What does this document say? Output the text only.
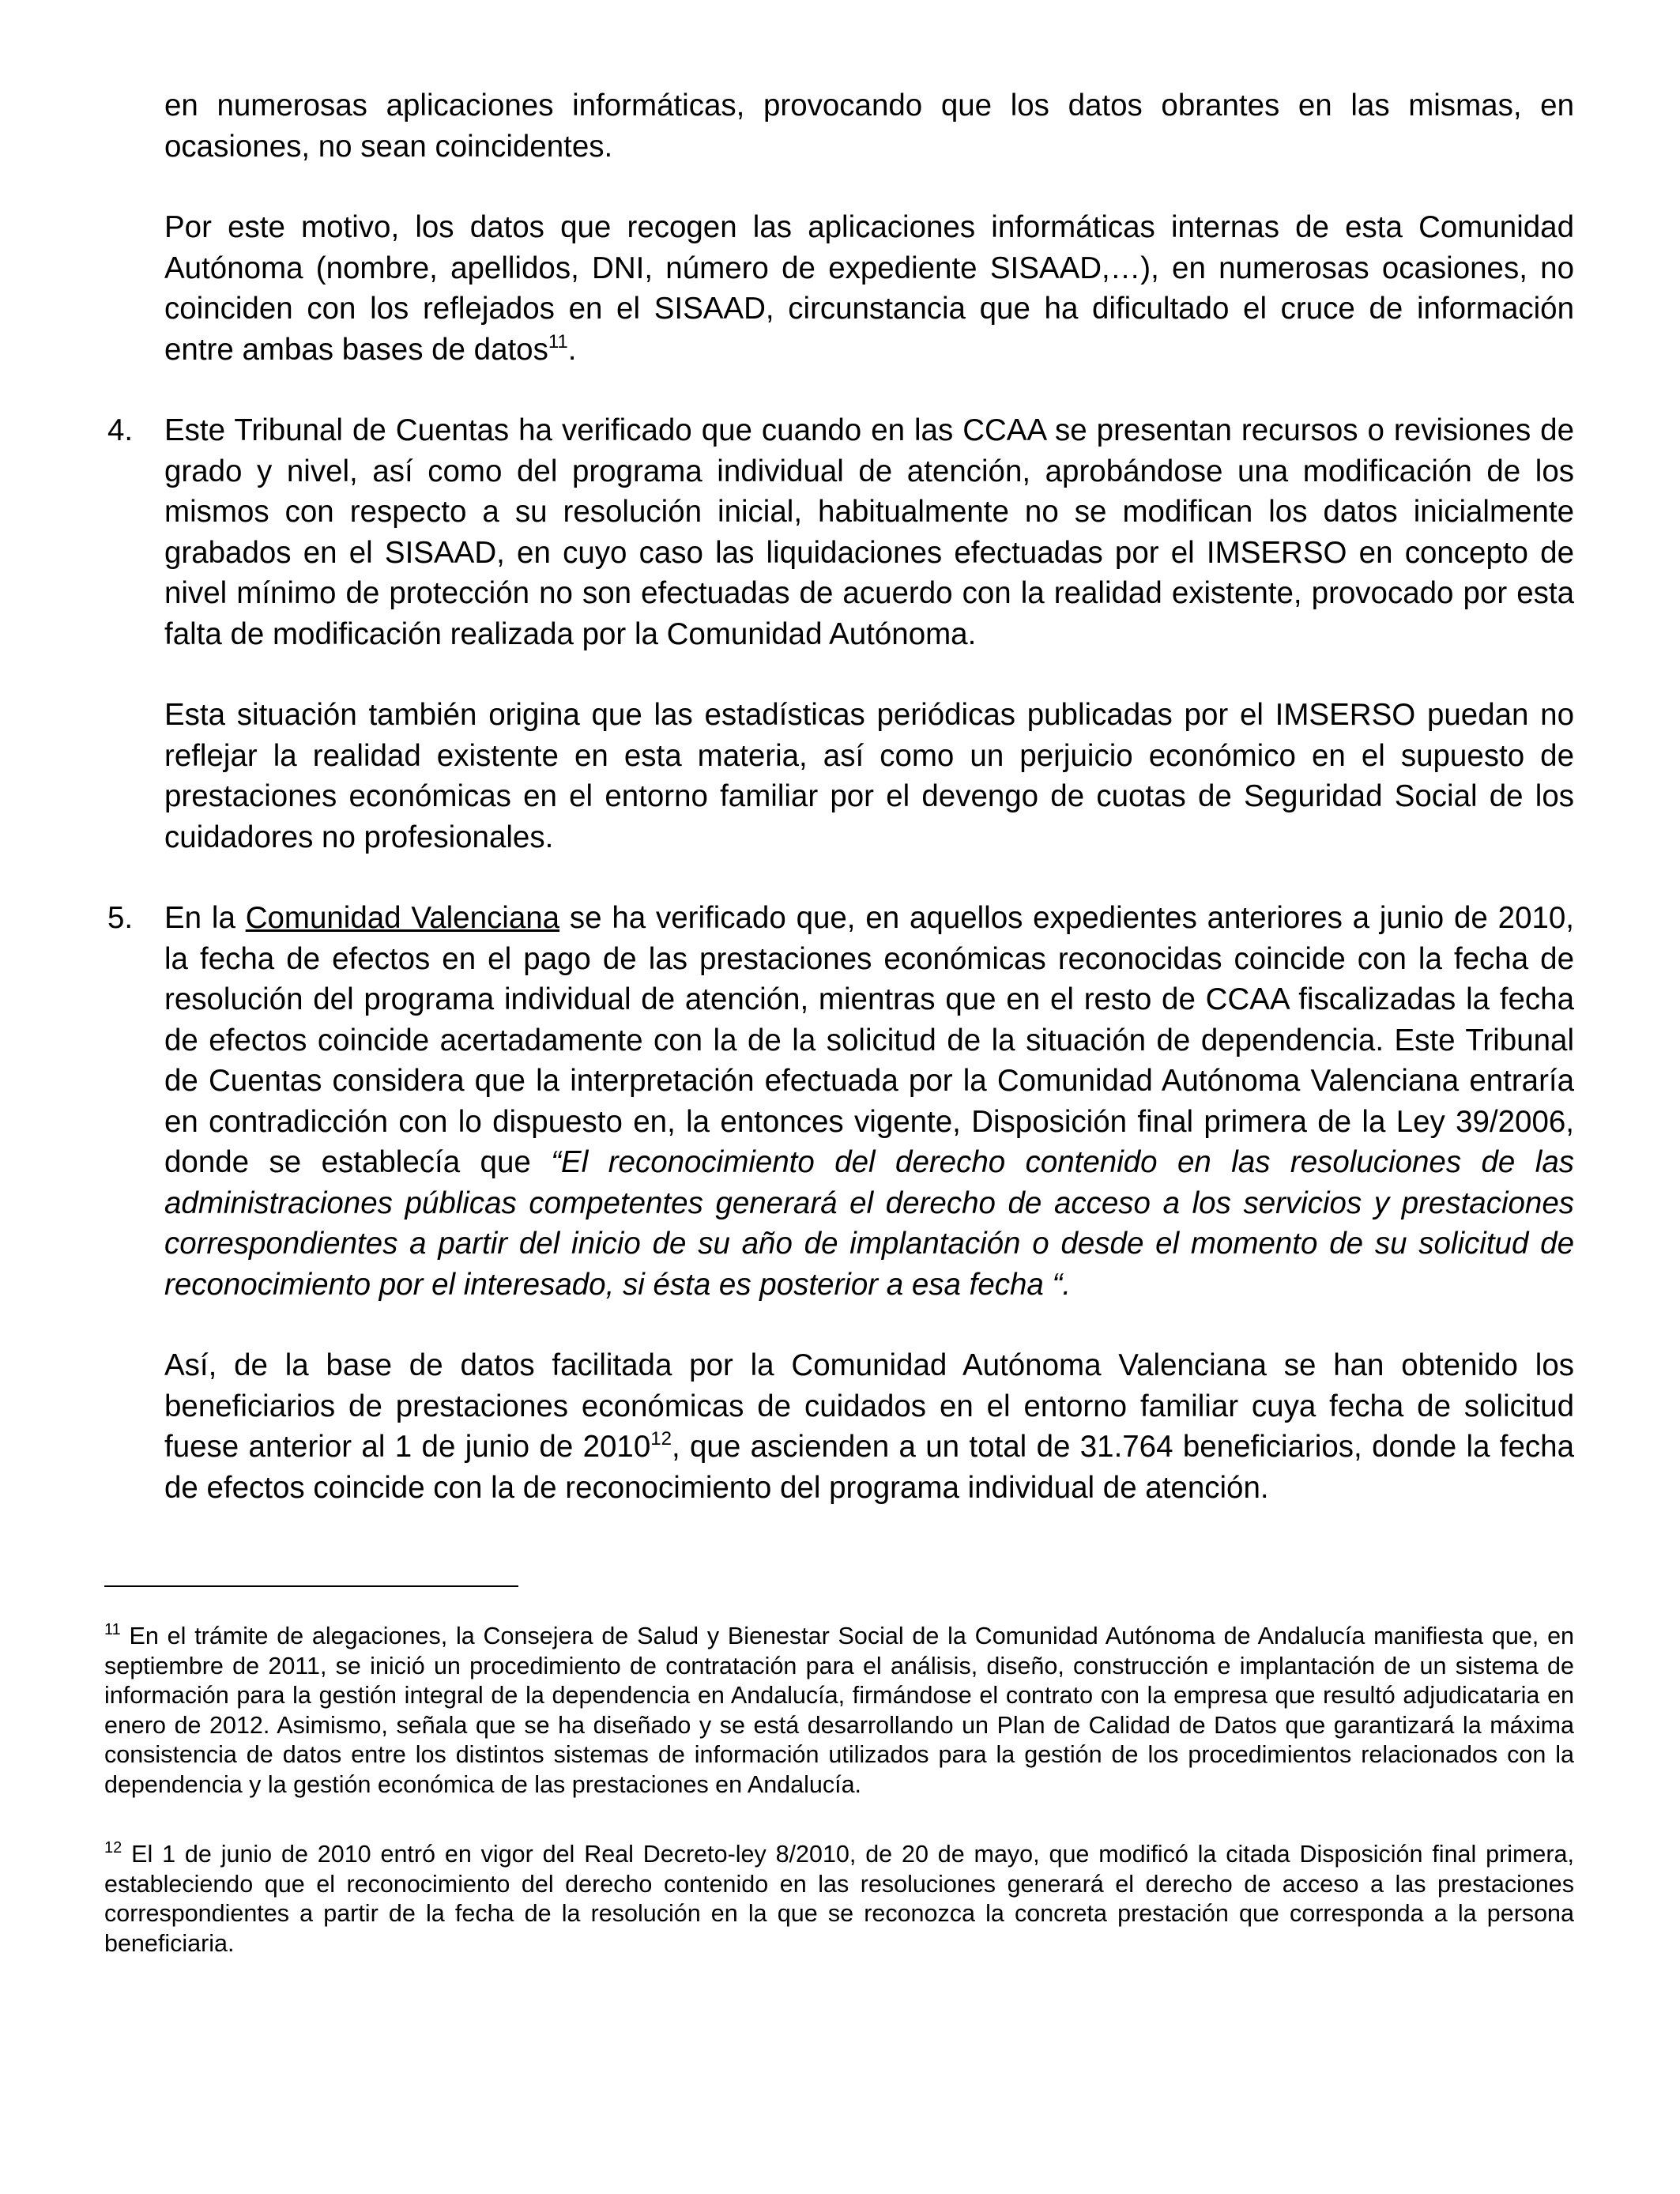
en numerosas aplicaciones informáticas, provocando que los datos obrantes en las mismas, en ocasiones, no sean coincidentes.

Por este motivo, los datos que recogen las aplicaciones informáticas internas de esta Comunidad Autónoma (nombre, apellidos, DNI, número de expediente SISAAD,…), en numerosas ocasiones, no coinciden con los reflejados en el SISAAD, circunstancia que ha dificultado el cruce de información entre ambas bases de datos$^{11}$.

4. Este Tribunal de Cuentas ha verificado que cuando en las CCAA se presentan recursos o revisiones de grado y nivel, así como del programa individual de atención, aprobándose una modificación de los mismos con respecto a su resolución inicial, habitualmente no se modifican los datos inicialmente grabados en el SISAAD, en cuyo caso las liquidaciones efectuadas por el IMSERSO en concepto de nivel mínimo de protección no son efectuadas de acuerdo con la realidad existente, provocado por esta falta de modificación realizada por la Comunidad Autónoma.

Esta situación también origina que las estadísticas periódicas publicadas por el IMSERSO puedan no reflejar la realidad existente en esta materia, así como un perjuicio económico en el supuesto de prestaciones económicas en el entorno familiar por el devengo de cuotas de Seguridad Social de los cuidadores no profesionales.

5. En la Comunidad Valenciana se ha verificado que, en aquellos expedientes anteriores a junio de 2010, la fecha de efectos en el pago de las prestaciones económicas reconocidas coincide con la fecha de resolución del programa individual de atención, mientras que en el resto de CCAA fiscalizadas la fecha de efectos coincide acertadamente con la de la solicitud de la situación de dependencia. Este Tribunal de Cuentas considera que la interpretación efectuada por la Comunidad Autónoma Valenciana entraría en contradicción con lo dispuesto en, la entonces vigente, Disposición final primera de la Ley 39/2006, donde se establecía que “El reconocimiento del derecho contenido en las resoluciones de las administraciones públicas competentes generará el derecho de acceso a los servicios y prestaciones correspondientes a partir del inicio de su año de implantación o desde el momento de su solicitud de reconocimiento por el interesado, si ésta es posterior a esa fecha “.

Así, de la base de datos facilitada por la Comunidad Autónoma Valenciana se han obtenido los beneficiarios de prestaciones económicas de cuidados en el entorno familiar cuya fecha de solicitud fuese anterior al 1 de junio de 2010$^{12}$, que ascienden a un total de 31.764 beneficiarios, donde la fecha de efectos coincide con la de reconocimiento del programa individual de atención.

$^{11}$ En el trámite de alegaciones, la Consejera de Salud y Bienestar Social de la Comunidad Autónoma de Andalucía manifiesta que, en septiembre de 2011, se inició un procedimiento de contratación para el análisis, diseño, construcción e implantación de un sistema de información para la gestión integral de la dependencia en Andalucía, firmándose el contrato con la empresa que resultó adjudicataria en enero de 2012. Asimismo, señala que se ha diseñado y se está desarrollando un Plan de Calidad de Datos que garantizará la máxima consistencia de datos entre los distintos sistemas de información utilizados para la gestión de los procedimientos relacionados con la dependencia y la gestión económica de las prestaciones en Andalucía.

$^{12}$ El 1 de junio de 2010 entró en vigor del Real Decreto-ley 8/2010, de 20 de mayo, que modificó la citada Disposición final primera, estableciendo que el reconocimiento del derecho contenido en las resoluciones generará el derecho de acceso a las prestaciones correspondientes a partir de la fecha de la resolución en la que se reconozca la concreta prestación que corresponda a la persona beneficiaria.
